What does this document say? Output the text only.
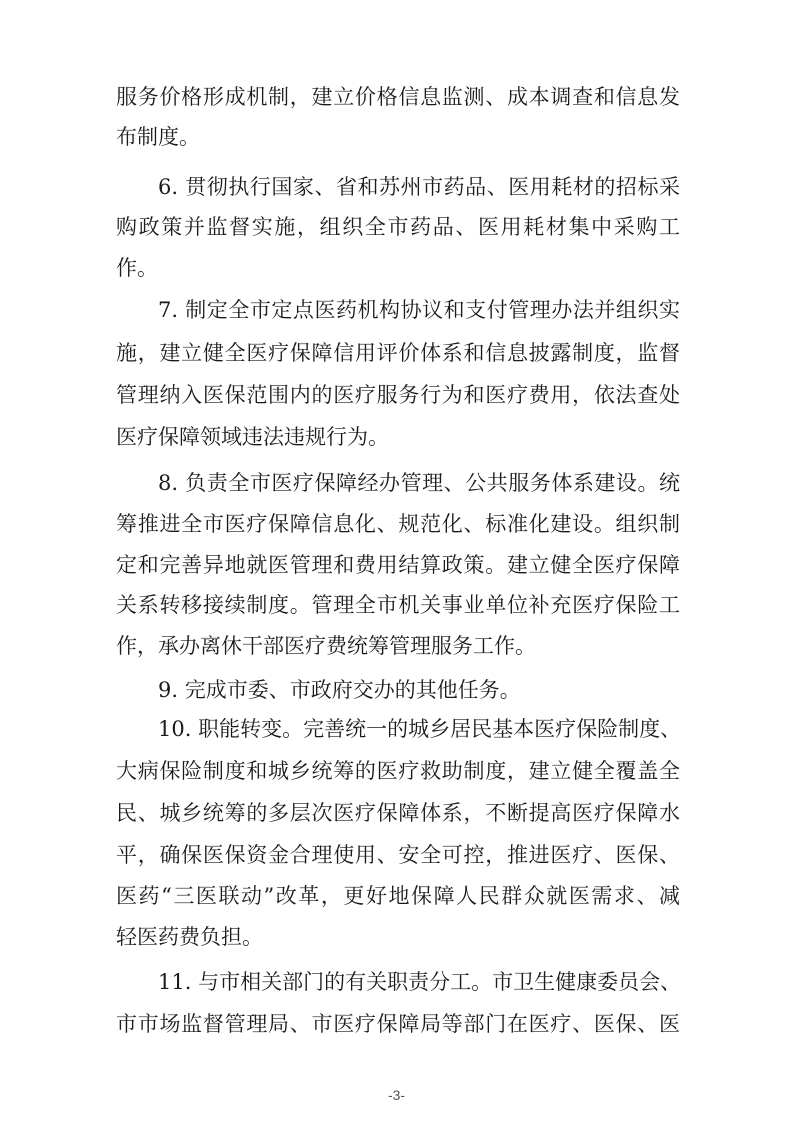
服务价格形成机制，建立价格信息监测、成本调查和信息发
布制度。
6. 贯彻执行国家、省和苏州市药品、医用耗材的招标采
购政策并监督实施，组织全市药品、医用耗材集中采购工
作。
7. 制定全市定点医药机构协议和支付管理办法并组织实
施，建立健全医疗保障信用评价体系和信息披露制度，监督
管理纳入医保范围内的医疗服务行为和医疗费用，依法查处
医疗保障领域违法违规行为。
8. 负责全市医疗保障经办管理、公共服务体系建设。统
筹推进全市医疗保障信息化、规范化、标准化建设。组织制
定和完善异地就医管理和费用结算政策。建立健全医疗保障
关系转移接续制度。管理全市机关事业单位补充医疗保险工
作，承办离休干部医疗费统筹管理服务工作。
9. 完成市委、市政府交办的其他任务。
10. 职能转变。完善统一的城乡居民基本医疗保险制度、
大病保险制度和城乡统筹的医疗救助制度，建立健全覆盖全
民、城乡统筹的多层次医疗保障体系，不断提高医疗保障水
平，确保医保资金合理使用、安全可控，推进医疗、医保、
医药“三医联动”改革，更好地保障人民群众就医需求、减
轻医药费负担。
11. 与市相关部门的有关职责分工。市卫生健康委员会、
市市场监督管理局、市医疗保障局等部门在医疗、医保、医
-3-
